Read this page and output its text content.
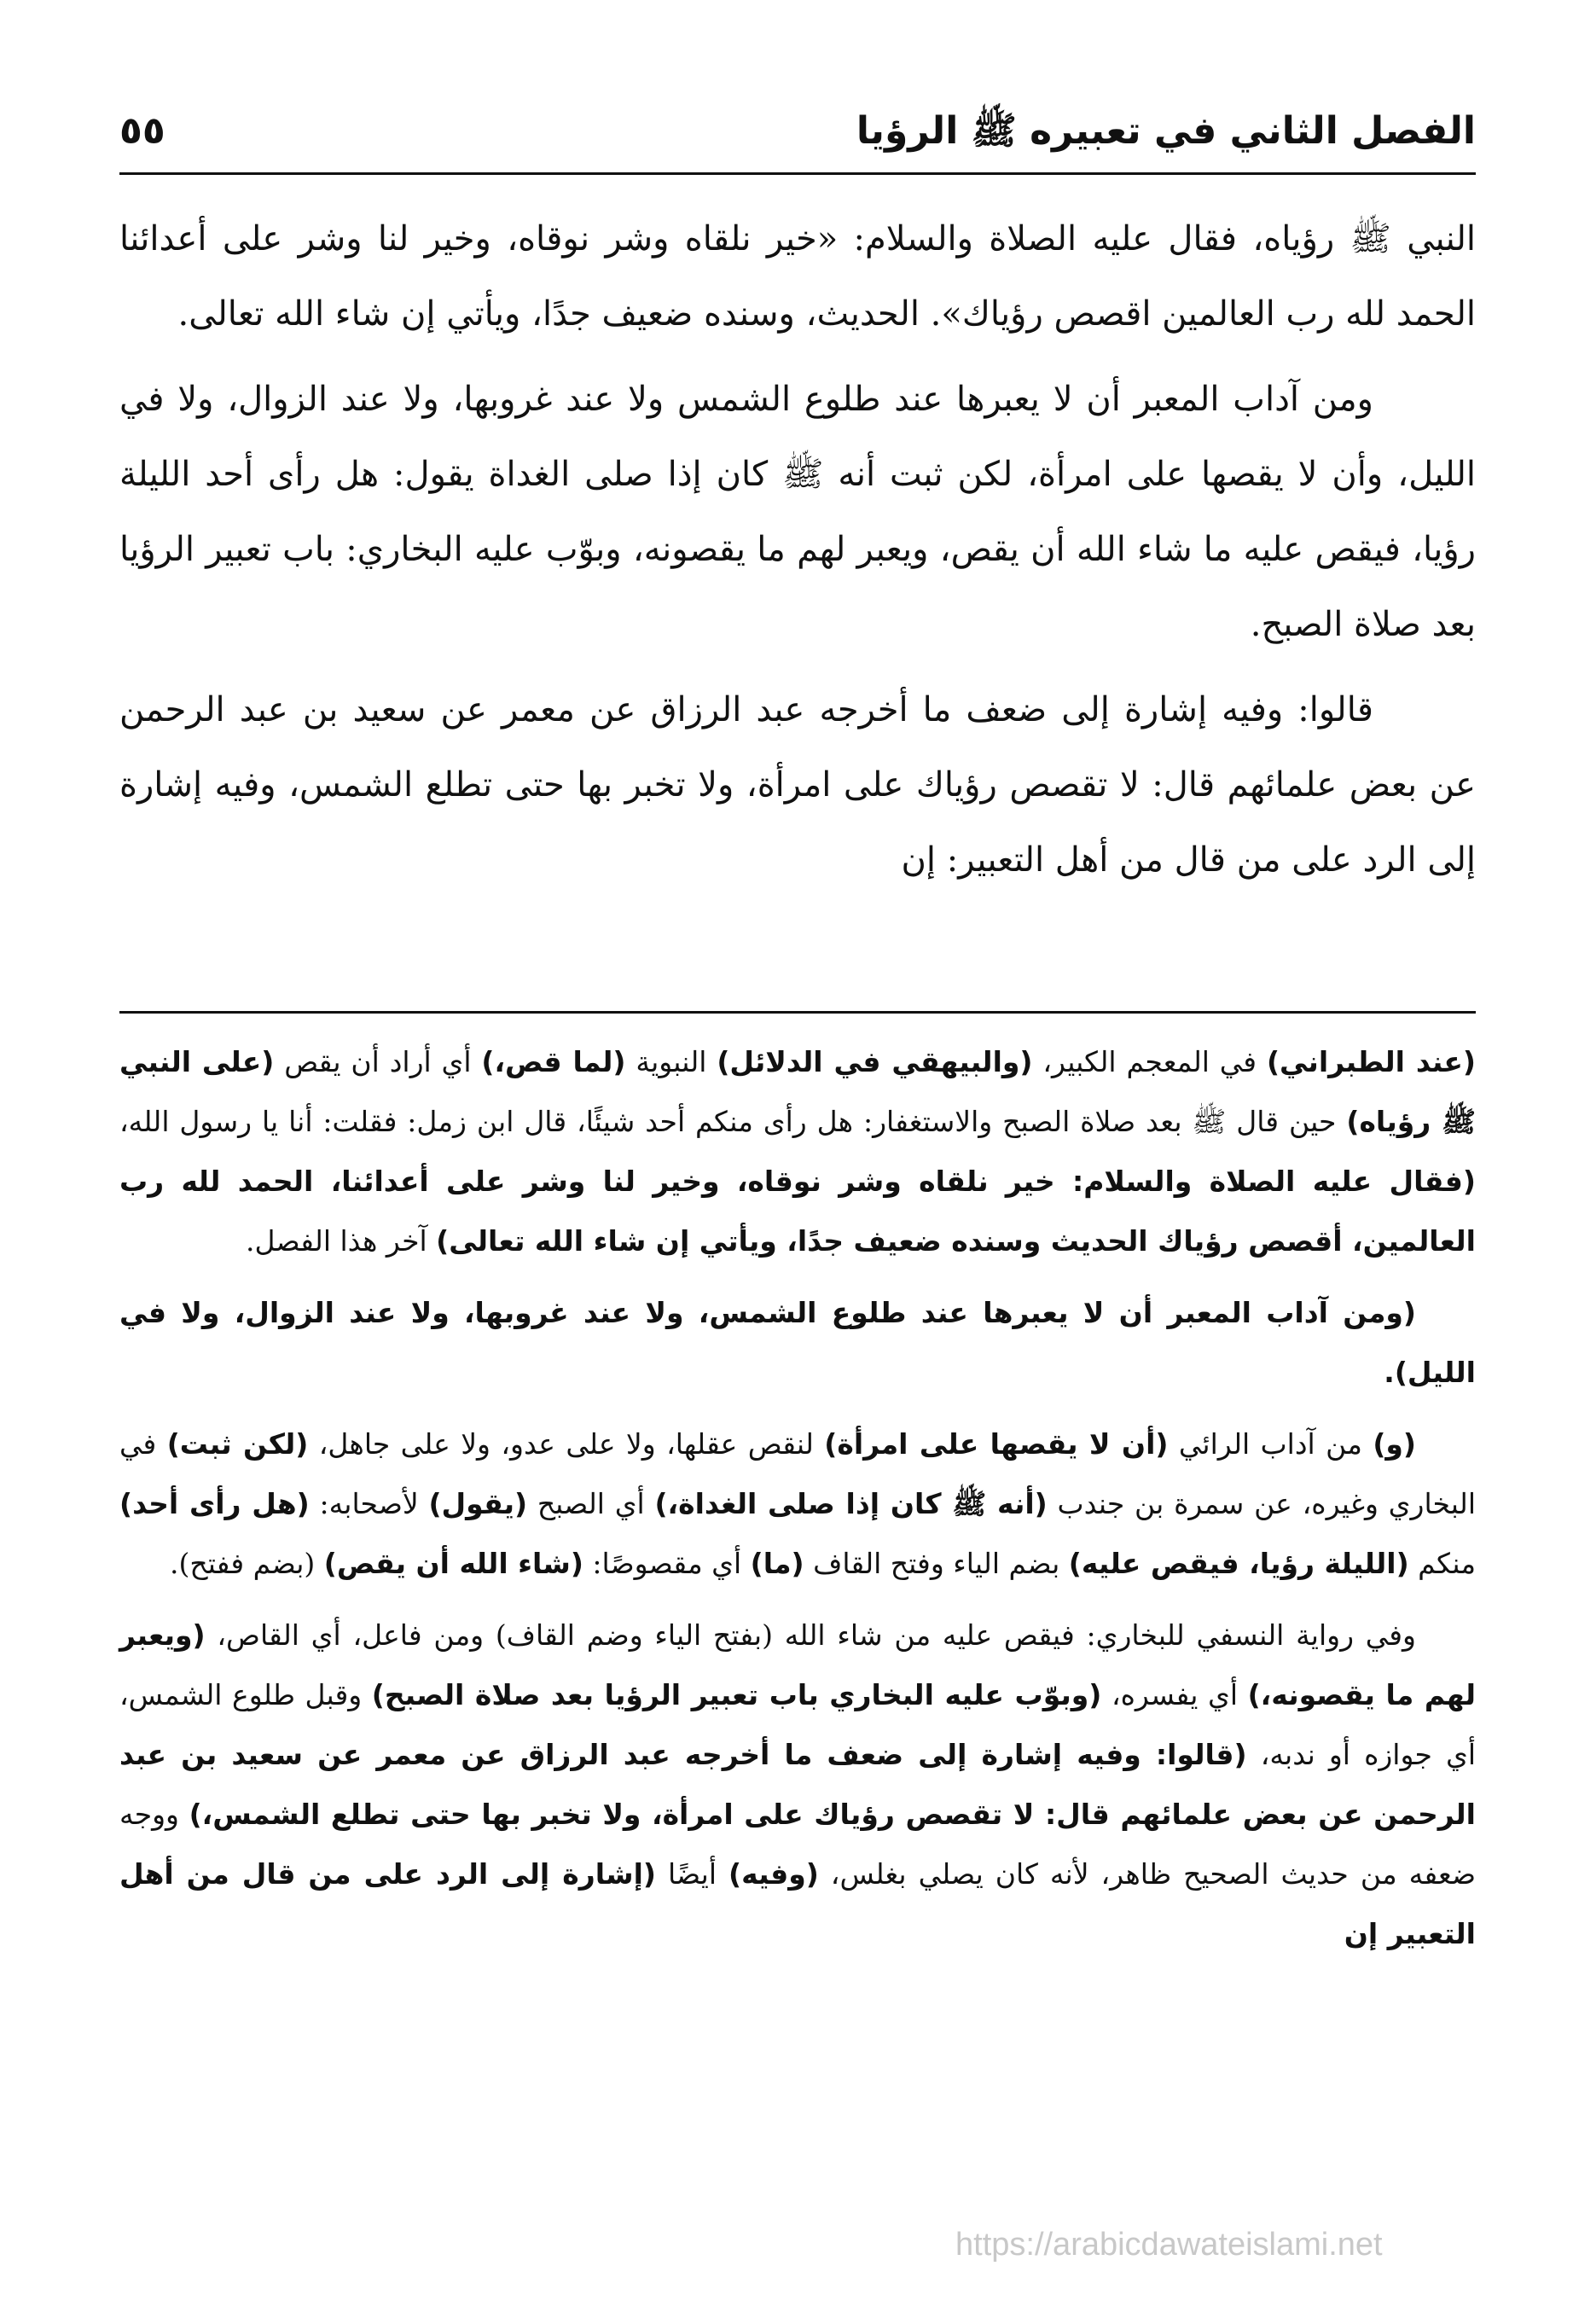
الفصل الثاني في تعبيره ﷺ الرؤيا
٥٥

النبي ﷺ رؤياه، فقال عليه الصلاة والسلام: «خير نلقاه وشر نوقاه، وخير لنا وشر على أعدائنا الحمد لله رب العالمين اقصص رؤياك». الحديث، وسنده ضعيف جدًا، ويأتي إن شاء الله تعالى.

ومن آداب المعبر أن لا يعبرها عند طلوع الشمس ولا عند غروبها، ولا عند الزوال، ولا في الليل، وأن لا يقصها على امرأة، لكن ثبت أنه ﷺ كان إذا صلى الغداة يقول: هل رأى أحد الليلة رؤيا، فيقص عليه ما شاء الله أن يقص، ويعبر لهم ما يقصونه، وبوّب عليه البخاري: باب تعبير الرؤيا بعد صلاة الصبح.

قالوا: وفيه إشارة إلى ضعف ما أخرجه عبد الرزاق عن معمر عن سعيد بن عبد الرحمن عن بعض علمائهم قال: لا تقصص رؤياك على امرأة، ولا تخبر بها حتى تطلع الشمس، وفيه إشارة إلى الرد على من قال من أهل التعبير: إن

(عند الطبراني) في المعجم الكبير، (والبيهقي في الدلائل) النبوية (لما قص،) أي أراد أن يقص (على النبي ﷺ رؤياه) حين قال ﷺ بعد صلاة الصبح والاستغفار: هل رأى منكم أحد شيئًا، قال ابن زمل: فقلت: أنا يا رسول الله، (فقال عليه الصلاة والسلام: خير نلقاه وشر نوقاه، وخير لنا وشر على أعدائنا، الحمد لله رب العالمين، أقصص رؤياك الحديث وسنده ضعيف جدًا، ويأتي إن شاء الله تعالى) آخر هذا الفصل.

(ومن آداب المعبر أن لا يعبرها عند طلوع الشمس، ولا عند غروبها، ولا عند الزوال، ولا في الليل).

(و) من آداب الرائي (أن لا يقصها على امرأة) لنقص عقلها، ولا على عدو، ولا على جاهل، (لكن ثبت) في البخاري وغيره، عن سمرة بن جندب (أنه ﷺ كان إذا صلى الغداة،) أي الصبح (يقول) لأصحابه: (هل رأى أحد) منكم (الليلة رؤيا، فيقص عليه) بضم الياء وفتح القاف (ما) أي مقصوصًا: (شاء الله أن يقص) (بضم ففتح).

وفي رواية النسفي للبخاري: فيقص عليه من شاء الله (بفتح الياء وضم القاف) ومن فاعل، أي القاص، (ويعبر لهم ما يقصونه،) أي يفسره، (وبوّب عليه البخاري باب تعبير الرؤيا بعد صلاة الصبح) وقبل طلوع الشمس، أي جوازه أو ندبه، (قالوا: وفيه إشارة إلى ضعف ما أخرجه عبد الرزاق عن معمر عن سعيد بن عبد الرحمن عن بعض علمائهم قال: لا تقصص رؤياك على امرأة، ولا تخبر بها حتى تطلع الشمس،) ووجه ضعفه من حديث الصحيح ظاهر، لأنه كان يصلي بغلس، (وفيه) أيضًا (إشارة إلى الرد على من قال من أهل التعبير إن

https://arabicdawateislami.net
